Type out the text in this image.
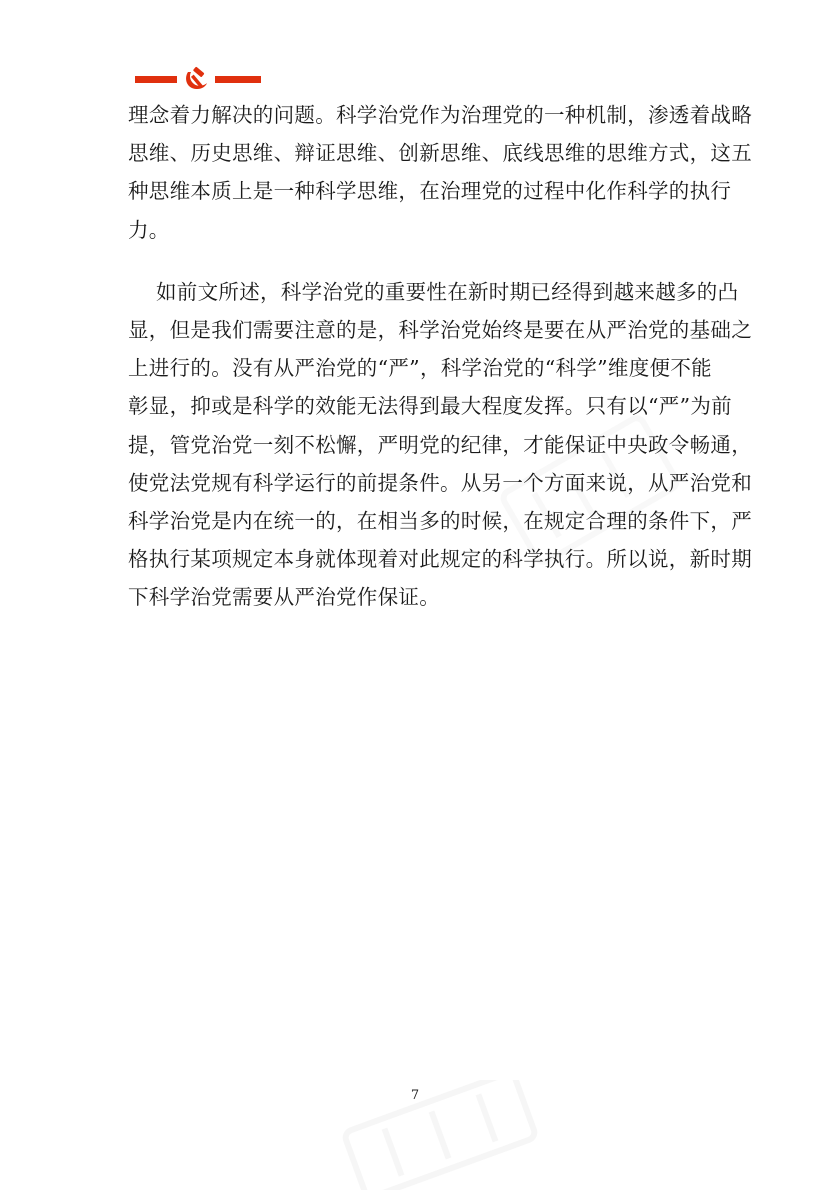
理念着力解决的问题。科学治党作为治理党的一种机制，渗透着战略
思维、历史思维、辩证思维、创新思维、底线思维的思维方式，这五
种思维本质上是一种科学思维，在治理党的过程中化作科学的执行
力。
如前文所述，科学治党的重要性在新时期已经得到越来越多的凸
显，但是我们需要注意的是，科学治党始终是要在从严治党的基础之
上进行的。没有从严治党的“严”，科学治党的“科学”维度便不能
彰显，抑或是科学的效能无法得到最大程度发挥。只有以“严”为前
提，管党治党一刻不松懈，严明党的纪律，才能保证中央政令畅通，
使党法党规有科学运行的前提条件。从另一个方面来说，从严治党和
科学治党是内在统一的，在相当多的时候，在规定合理的条件下，严
格执行某项规定本身就体现着对此规定的科学执行。所以说，新时期
下科学治党需要从严治党作保证。
7
